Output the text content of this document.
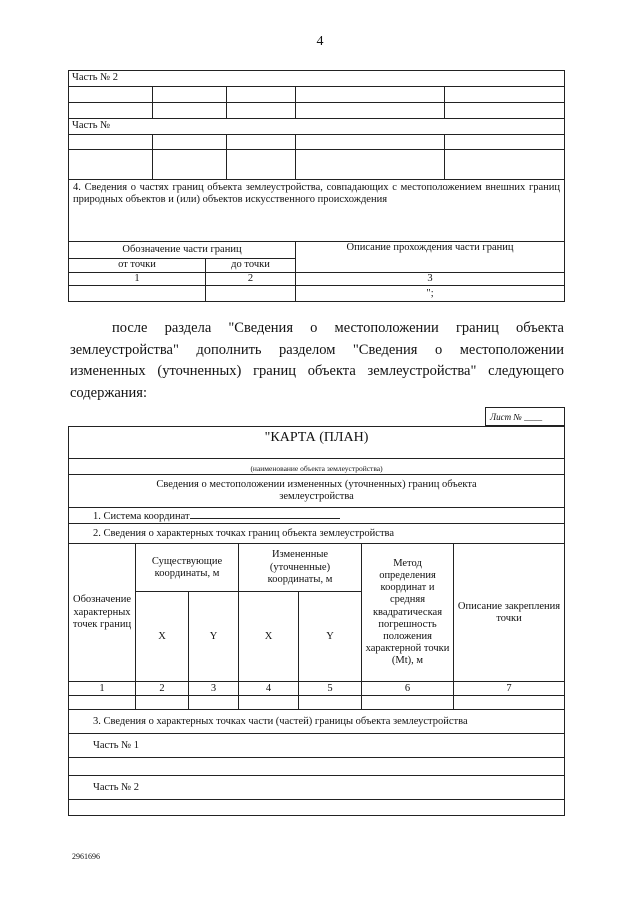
4
Часть № 2					

Часть №					

4. Сведения о частях границ объекта землеустройства, совпадающих с местоположением внешних границ природных объектов и (или) объектов искусственного происхождения					
Обозначение части границ				Описание прохождения части границ	
от точки		до точки			
1		2		3	
				";	
после раздела "Сведения о местоположении границ объекта землеустройства" дополнить разделом "Сведения о местоположении измененных (уточненных) границ объекта землеустройства" следующего содержания:
Лист № ____
"КАРТА (ПЛАН)						
(наименование объекта землеустройства)						
Сведения о местоположении измененных (уточненных) границ объекта землеустройства						
1. Система координат						
2. Сведения о характерных точках границ объекта землеустройства						
Обозначение характерных точек границ	Существующие координаты, м		Измененные (уточненные) координаты, м		Метод определения координат и средняя квадратическая погрешность положения характерной точки (Mt), м	Описание закрепления точки
	X	Y	X	Y		
1	2	3	4	5	6	7

3. Сведения о характерных точках части (частей) границы объекта землеустройства						
Часть № 1						

Часть № 2						

2961696
